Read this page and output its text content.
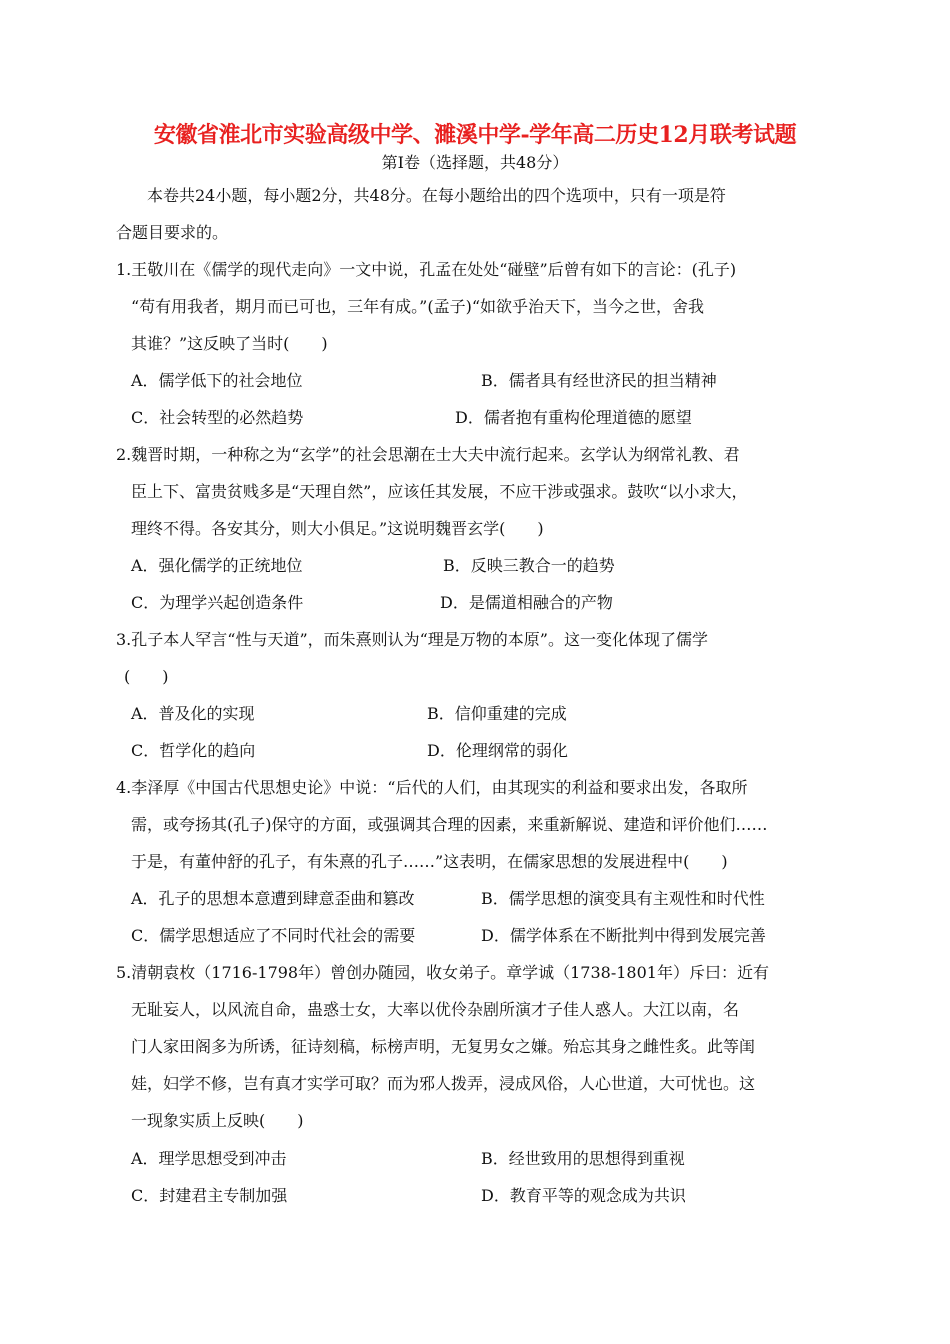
安徽省淮北市实验高级中学、濉溪中学-学年高二历史12月联考试题
第Ⅰ卷（选择题，共48分）
本卷共24小题，每小题2分，共48分。在每小题给出的四个选项中，只有一项是符
合题目要求的。
1.王敬川在《儒学的现代走向》一文中说，孔孟在处处“碰壁”后曾有如下的言论：(孔子)
“苟有用我者，期月而已可也，三年有成。”(孟子)“如欲乎治天下，当今之世，舍我
其谁？”这反映了当时(　　)
A．儒学低下的社会地位	B．儒者具有经世济民的担当精神
C．社会转型的必然趋势	D．儒者抱有重构伦理道德的愿望
2.魏晋时期，一种称之为“玄学”的社会思潮在士大夫中流行起来。玄学认为纲常礼教、君
臣上下、富贵贫贱多是“天理自然”，应该任其发展，不应干涉或强求。鼓吹“以小求大，
理终不得。各安其分，则大小俱足。”这说明魏晋玄学(　　)
A．强化儒学的正统地位	B．反映三教合一的趋势
C．为理学兴起创造条件	D．是儒道相融合的产物
3.孔子本人罕言“性与天道”，而朱熹则认为“理是万物的本原”。这一变化体现了儒学
(　　)
A．普及化的实现	B．信仰重建的完成
C．哲学化的趋向	D．伦理纲常的弱化
4.李泽厚《中国古代思想史论》中说：“后代的人们，由其现实的利益和要求出发，各取所
需，或夸扬其(孔子)保守的方面，或强调其合理的因素，来重新解说、建造和评价他们……
于是，有董仲舒的孔子，有朱熹的孔子……”这表明，在儒家思想的发展进程中(　　)
A．孔子的思想本意遭到肆意歪曲和篡改	B．儒学思想的演变具有主观性和时代性
C．儒学思想适应了不同时代社会的需要	D．儒学体系在不断批判中得到发展完善
5.清朝袁枚（1716-1798年）曾创办随园，收女弟子。章学诚（1738-1801年）斥曰：近有
无耻妄人，以风流自命，蛊惑士女，大率以优伶杂剧所演才子佳人惑人。大江以南，名
门人家田阁多为所诱，征诗刻稿，标榜声明，无复男女之嫌。殆忘其身之雌性炙。此等闺
娃，妇学不修，岂有真才实学可取？而为邪人拨弄，浸成风俗，人心世道，大可忧也。这
一现象实质上反映(　　)
A．理学思想受到冲击	B．经世致用的思想得到重视
C．封建君主专制加强	D．教育平等的观念成为共识
